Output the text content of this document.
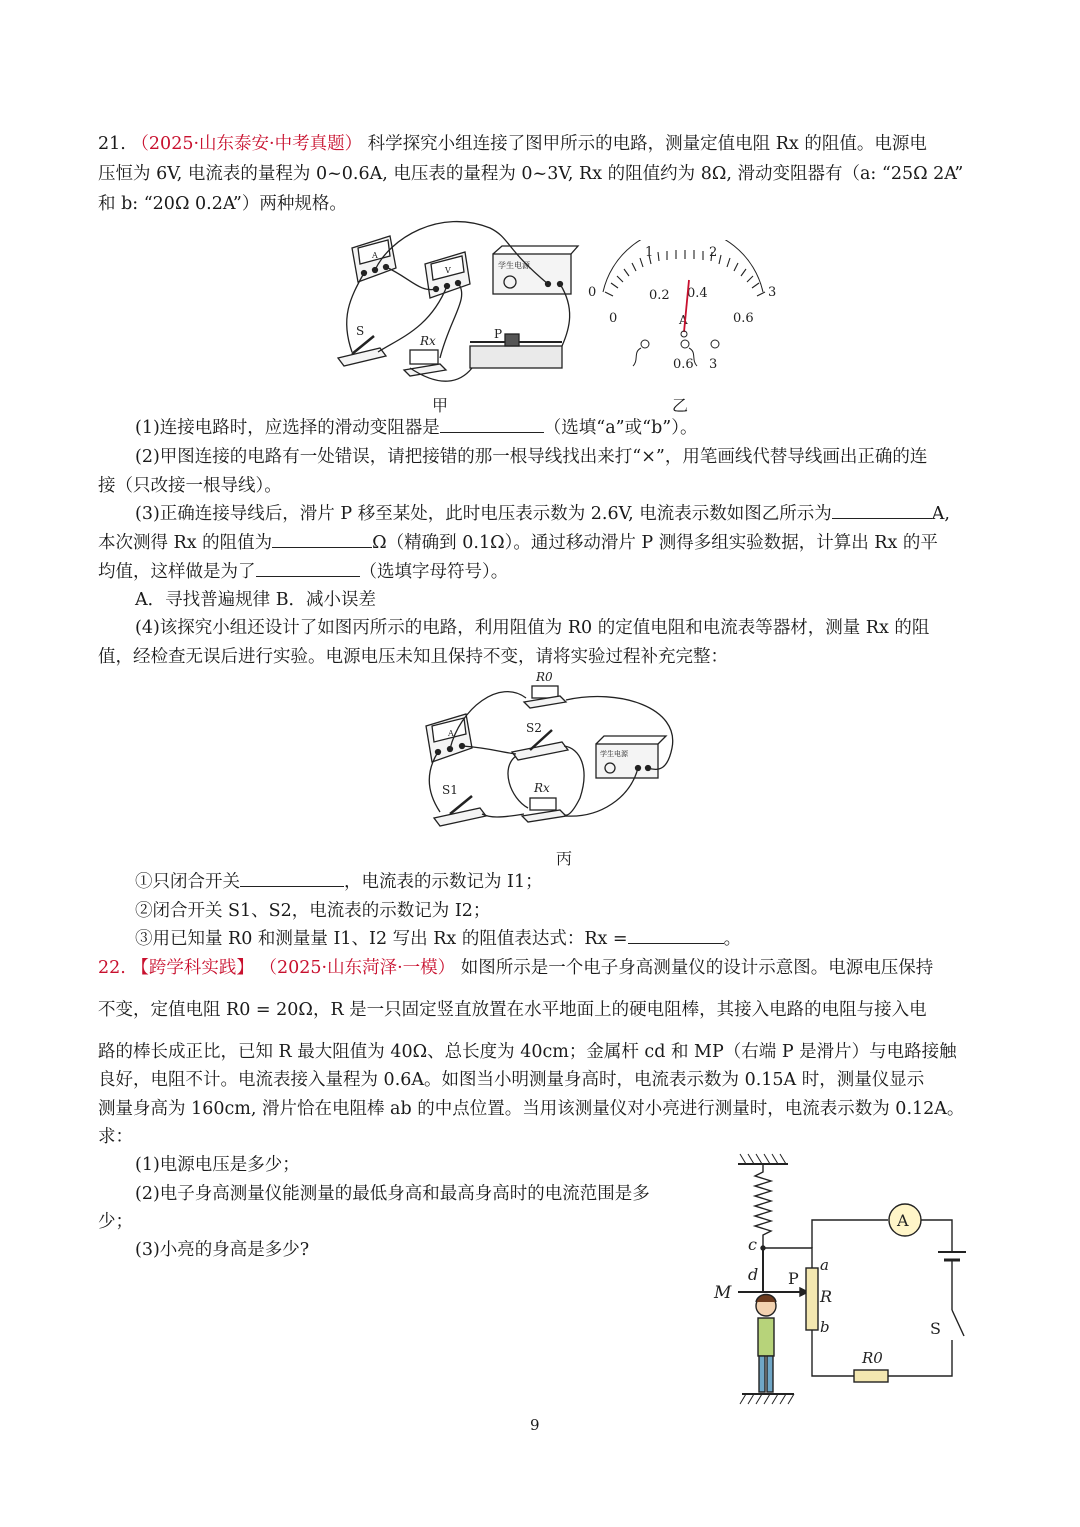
21. （2025·山东泰安·中考真题） 科学探究小组连接了图甲所示的电路，测量定值电阻 Rx 的阻值。电源电
压恒为 6V, 电流表的量程为 0~0.6A, 电压表的量程为 0~3V, Rx 的阻值约为 8Ω, 滑动变阻器有（a: “25Ω 2A”
和 b: “20Ω 0.2A”）两种规格。
A
V
学生电源
S
Rx	P
0
1	2
3
0
0.2 0.4
0.6
A
0.6 3
甲	乙
(1)连接电路时，应选择的滑动变阻器是	（选填“a”或“b”）。
(2)甲图连接的电路有一处错误，请把接错的那一根导线找出来打“×”，用笔画线代替导线画出正确的连
接（只改接一根导线）。
(3)正确连接导线后，滑片 P 移至某处，此时电压表示数为 2.6V, 电流表示数如图乙所示为	A,
本次测得 Rx 的阻值为	Ω（精确到 0.1Ω）。通过移动滑片 P 测得多组实验数据，计算出 Rx 的平
均值，这样做是为了	（选填字母符号）。
A．寻找普遍规律 B．减小误差
(4)该探究小组还设计了如图丙所示的电路，利用阻值为 R0 的定值电阻和电流表等器材，测量 Rx 的阻
值，经检查无误后进行实验。电源电压未知且保持不变，请将实验过程补充完整：
R0
A	S2
学生电源
S1	Rx
丙
①只闭合开关	，电流表的示数记为 I1；
②闭合开关 S1、S2，电流表的示数记为 I2；
③用已知量 R0 和测量量 I1、I2 写出 Rx 的阻值表达式：Rx =	。
22. 【跨学科实践】 （2025·山东菏泽·一模） 如图所示是一个电子身高测量仪的设计示意图。电源电压保持
不变，定值电阻 R0 = 20Ω，R 是一只固定竖直放置在水平地面上的硬电阻棒，其接入电路的电阻与接入电
路的棒长成正比，已知 R 最大阻值为 40Ω、总长度为 40cm；金属杆 cd 和 MP（右端 P 是滑片）与电路接触
良好，电阻不计。电流表接入量程为 0.6A。如图当小明测量身高时，电流表示数为 0.15A 时，测量仪显示
测量身高为 160cm, 滑片恰在电阻棒 ab 的中点位置。当用该测量仪对小亮进行测量时，电流表示数为 0.12A。
求：
(1)电源电压是多少；
(2)电子身高测量仪能测量的最低身高和最高身高时的电流范围是多
少；
(3)小亮的身高是多少?	c
d
M
P
a
R
b
A
S
R0
9
